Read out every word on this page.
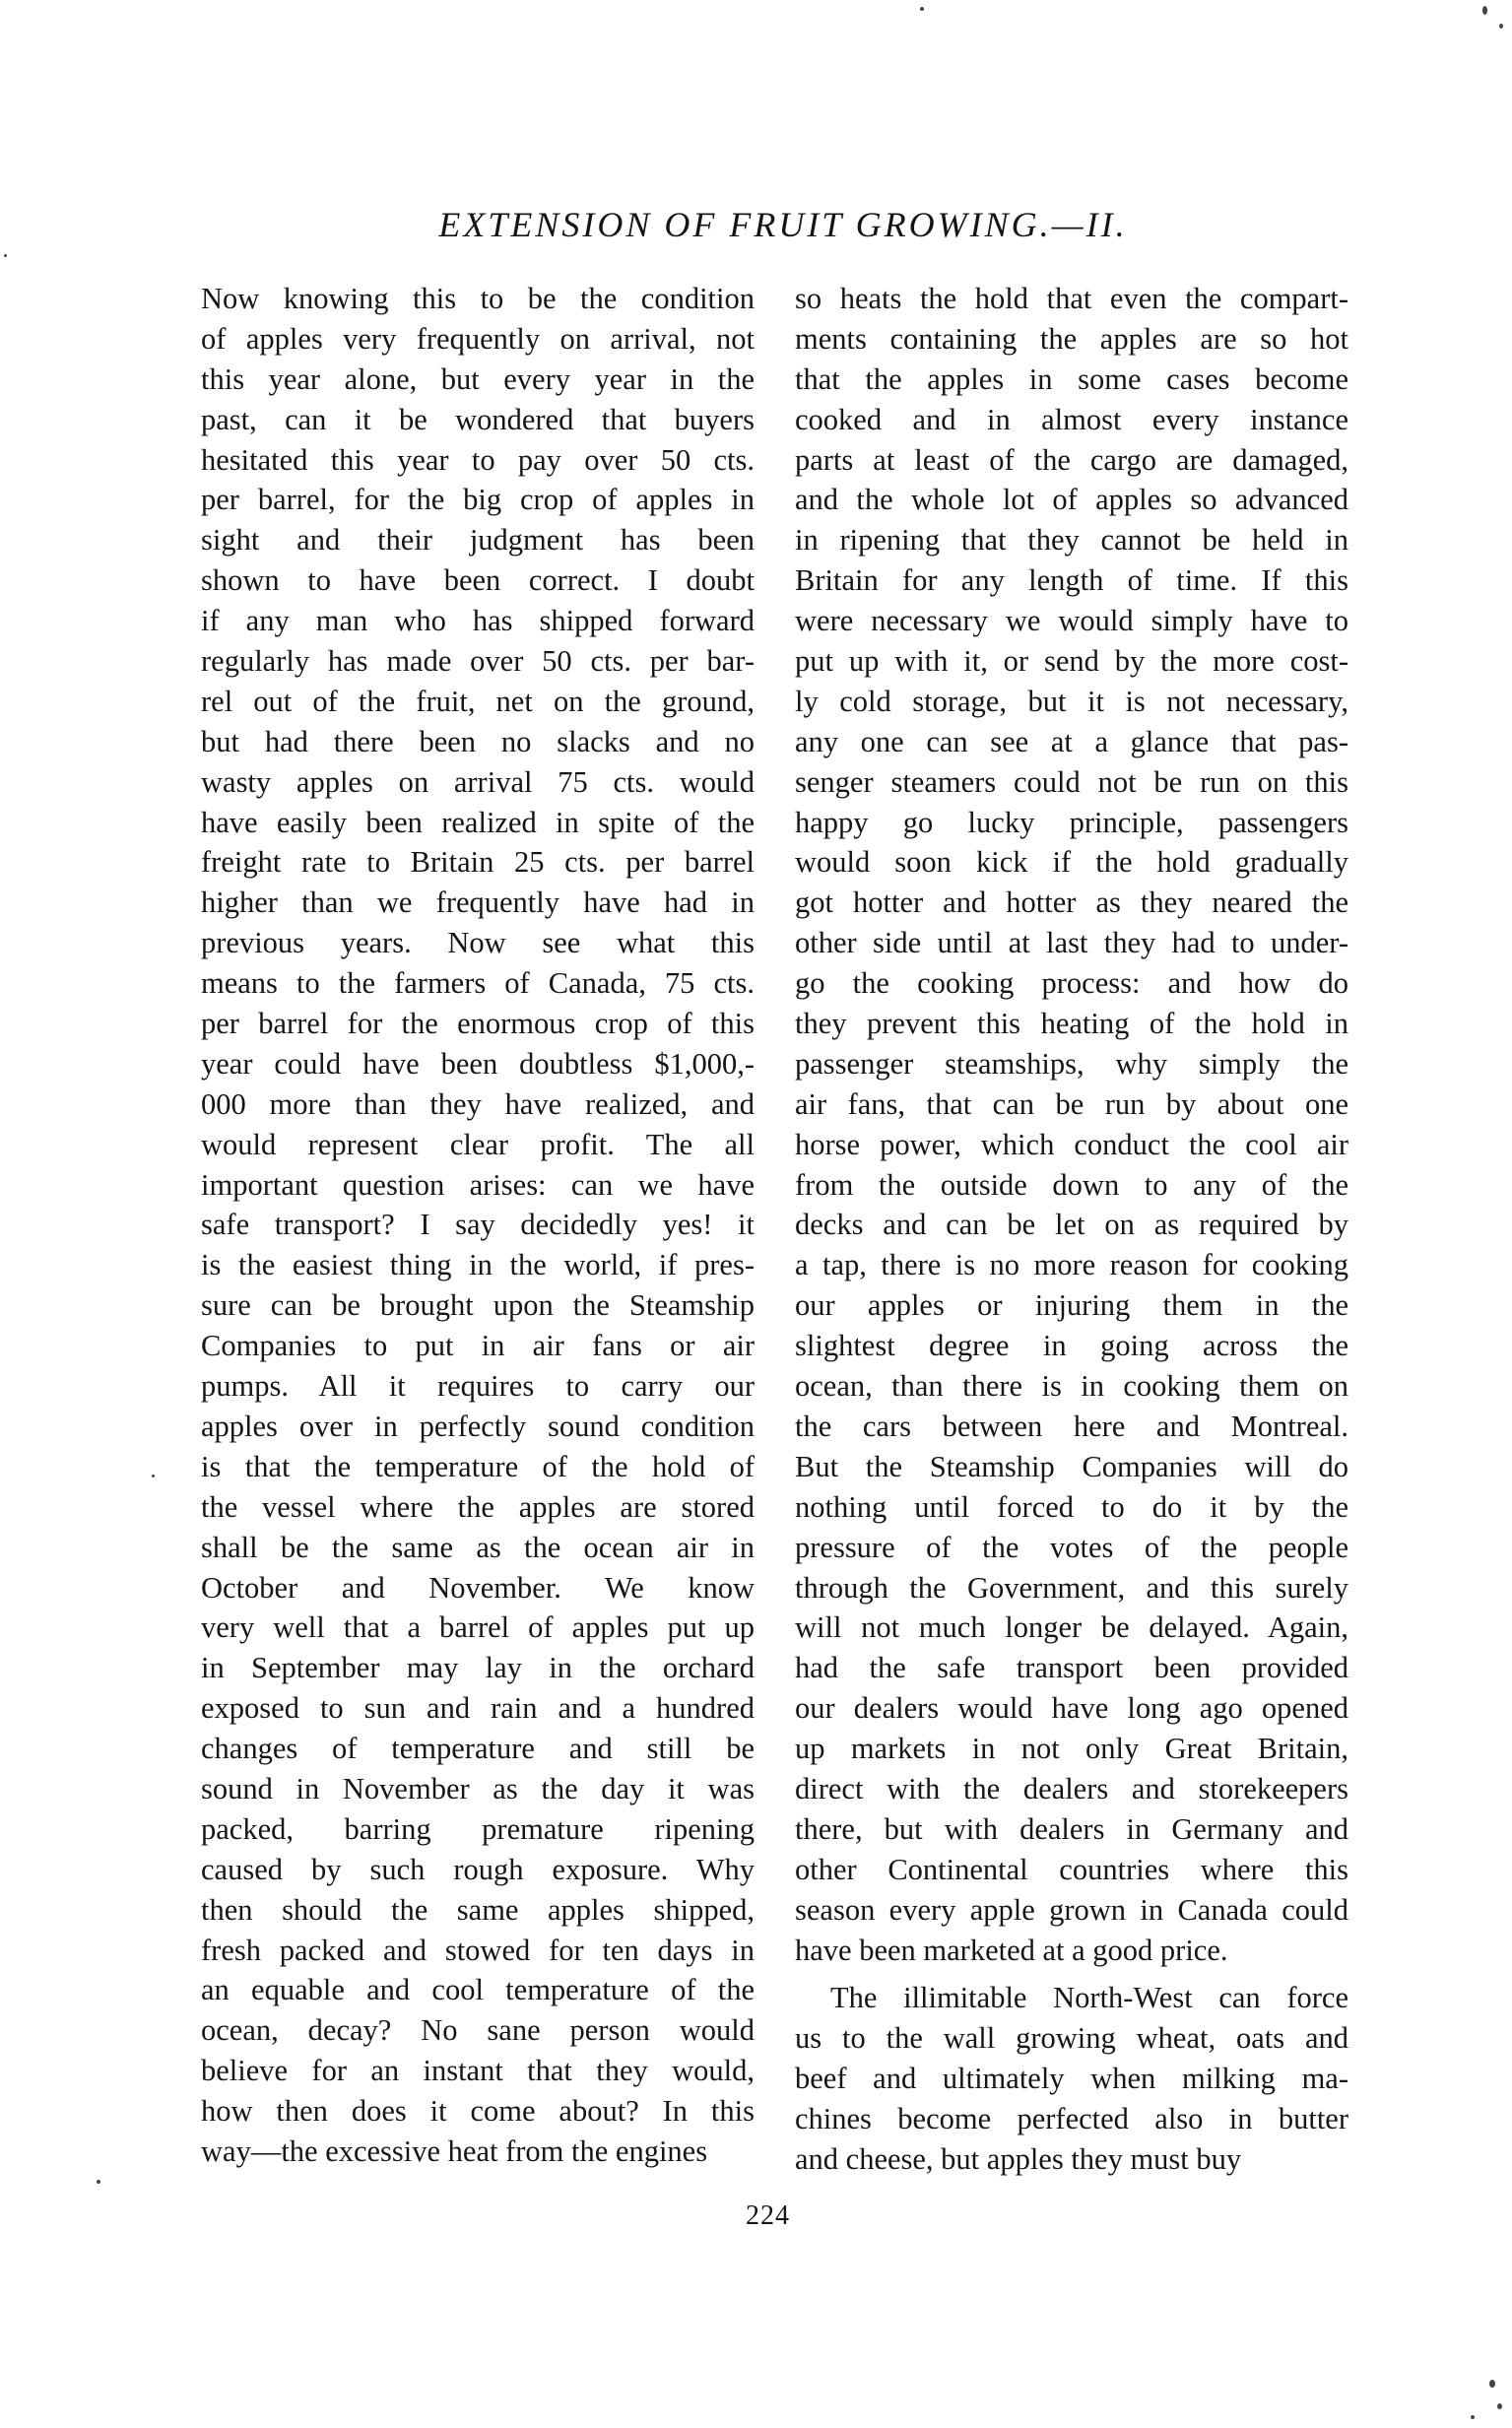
EXTENSION OF FRUIT GROWING.—II.
Now knowing this to be the condition
of apples very frequently on arrival, not
this year alone, but every year in the
past, can it be wondered that buyers
hesitated this year to pay over 50 cts.
per barrel, for the big crop of apples in
sight and their judgment has been
shown to have been correct. I doubt
if any man who has shipped forward
regularly has made over 50 cts. per bar-
rel out of the fruit, net on the ground,
but had there been no slacks and no
wasty apples on arrival 75 cts. would
have easily been realized in spite of the
freight rate to Britain 25 cts. per barrel
higher than we frequently have had in
previous years. Now see what this
means to the farmers of Canada, 75 cts.
per barrel for the enormous crop of this
year could have been doubtless $1,000,-
000 more than they have realized, and
would represent clear profit. The all
important question arises: can we have
safe transport? I say decidedly yes! it
is the easiest thing in the world, if pres-
sure can be brought upon the Steamship
Companies to put in air fans or air
pumps. All it requires to carry our
apples over in perfectly sound condition
is that the temperature of the hold of
the vessel where the apples are stored
shall be the same as the ocean air in
October and November. We know
very well that a barrel of apples put up
in September may lay in the orchard
exposed to sun and rain and a hundred
changes of temperature and still be
sound in November as the day it was
packed, barring premature ripening
caused by such rough exposure. Why
then should the same apples shipped,
fresh packed and stowed for ten days in
an equable and cool temperature of the
ocean, decay? No sane person would
believe for an instant that they would,
how then does it come about? In this
way—the excessive heat from the engines
so heats the hold that even the compart-
ments containing the apples are so hot
that the apples in some cases become
cooked and in almost every instance
parts at least of the cargo are damaged,
and the whole lot of apples so advanced
in ripening that they cannot be held in
Britain for any length of time. If this
were necessary we would simply have to
put up with it, or send by the more cost-
ly cold storage, but it is not necessary,
any one can see at a glance that pas-
senger steamers could not be run on this
happy go lucky principle, passengers
would soon kick if the hold gradually
got hotter and hotter as they neared the
other side until at last they had to under-
go the cooking process: and how do
they prevent this heating of the hold in
passenger steamships, why simply the
air fans, that can be run by about one
horse power, which conduct the cool air
from the outside down to any of the
decks and can be let on as required by
a tap, there is no more reason for cooking
our apples or injuring them in the
slightest degree in going across the
ocean, than there is in cooking them on
the cars between here and Montreal.
But the Steamship Companies will do
nothing until forced to do it by the
pressure of the votes of the people
through the Government, and this surely
will not much longer be delayed. Again,
had the safe transport been provided
our dealers would have long ago opened
up markets in not only Great Britain,
direct with the dealers and storekeepers
there, but with dealers in Germany and
other Continental countries where this
season every apple grown in Canada could
have been marketed at a good price.
The illimitable North-West can force
us to the wall growing wheat, oats and
beef and ultimately when milking ma-
chines become perfected also in butter
and cheese, but apples they must buy
224
